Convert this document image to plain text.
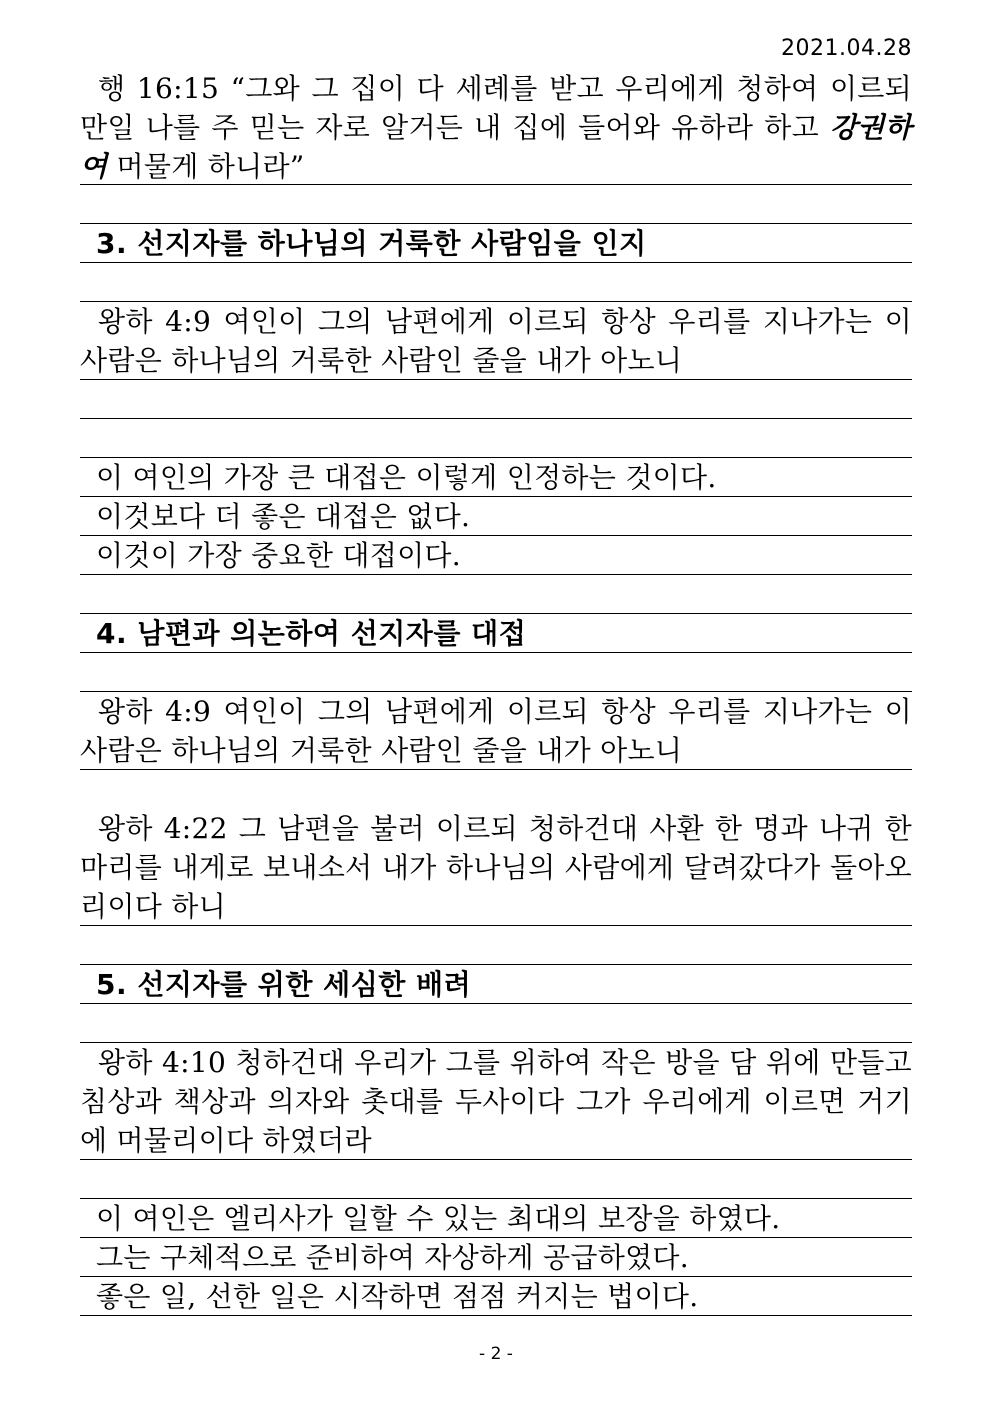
2021.04.28
행 16:15 “그와 그 집이 다 세례를 받고 우리에게 청하여 이르되 만일 나를 주 믿는 자로 알거든 내 집에 들어와 유하라 하고 강권하여 머물게 하니라”
3. 선지자를 하나님의 거룩한 사람임을 인지
왕하 4:9 여인이 그의 남편에게 이르되 항상 우리를 지나가는 이 사람은 하나님의 거룩한 사람인 줄을 내가 아노니
이 여인의 가장 큰 대접은 이렇게 인정하는 것이다.
이것보다 더 좋은 대접은 없다.
이것이 가장 중요한 대접이다.
4. 남편과 의논하여 선지자를 대접
왕하 4:9 여인이 그의 남편에게 이르되 항상 우리를 지나가는 이 사람은 하나님의 거룩한 사람인 줄을 내가 아노니
왕하 4:22 그 남편을 불러 이르되 청하건대 사환 한 명과 나귀 한 마리를 내게로 보내소서 내가 하나님의 사람에게 달려갔다가 돌아오리이다 하니
5. 선지자를 위한 세심한 배려
왕하 4:10 청하건대 우리가 그를 위하여 작은 방을 담 위에 만들고 침상과 책상과 의자와 촛대를 두사이다 그가 우리에게 이르면 거기에 머물리이다 하였더라
이 여인은 엘리사가 일할 수 있는 최대의 보장을 하였다.
그는 구체적으로 준비하여 자상하게 공급하였다.
좋은 일, 선한 일은 시작하면 점점 커지는 법이다.
- 2 -
